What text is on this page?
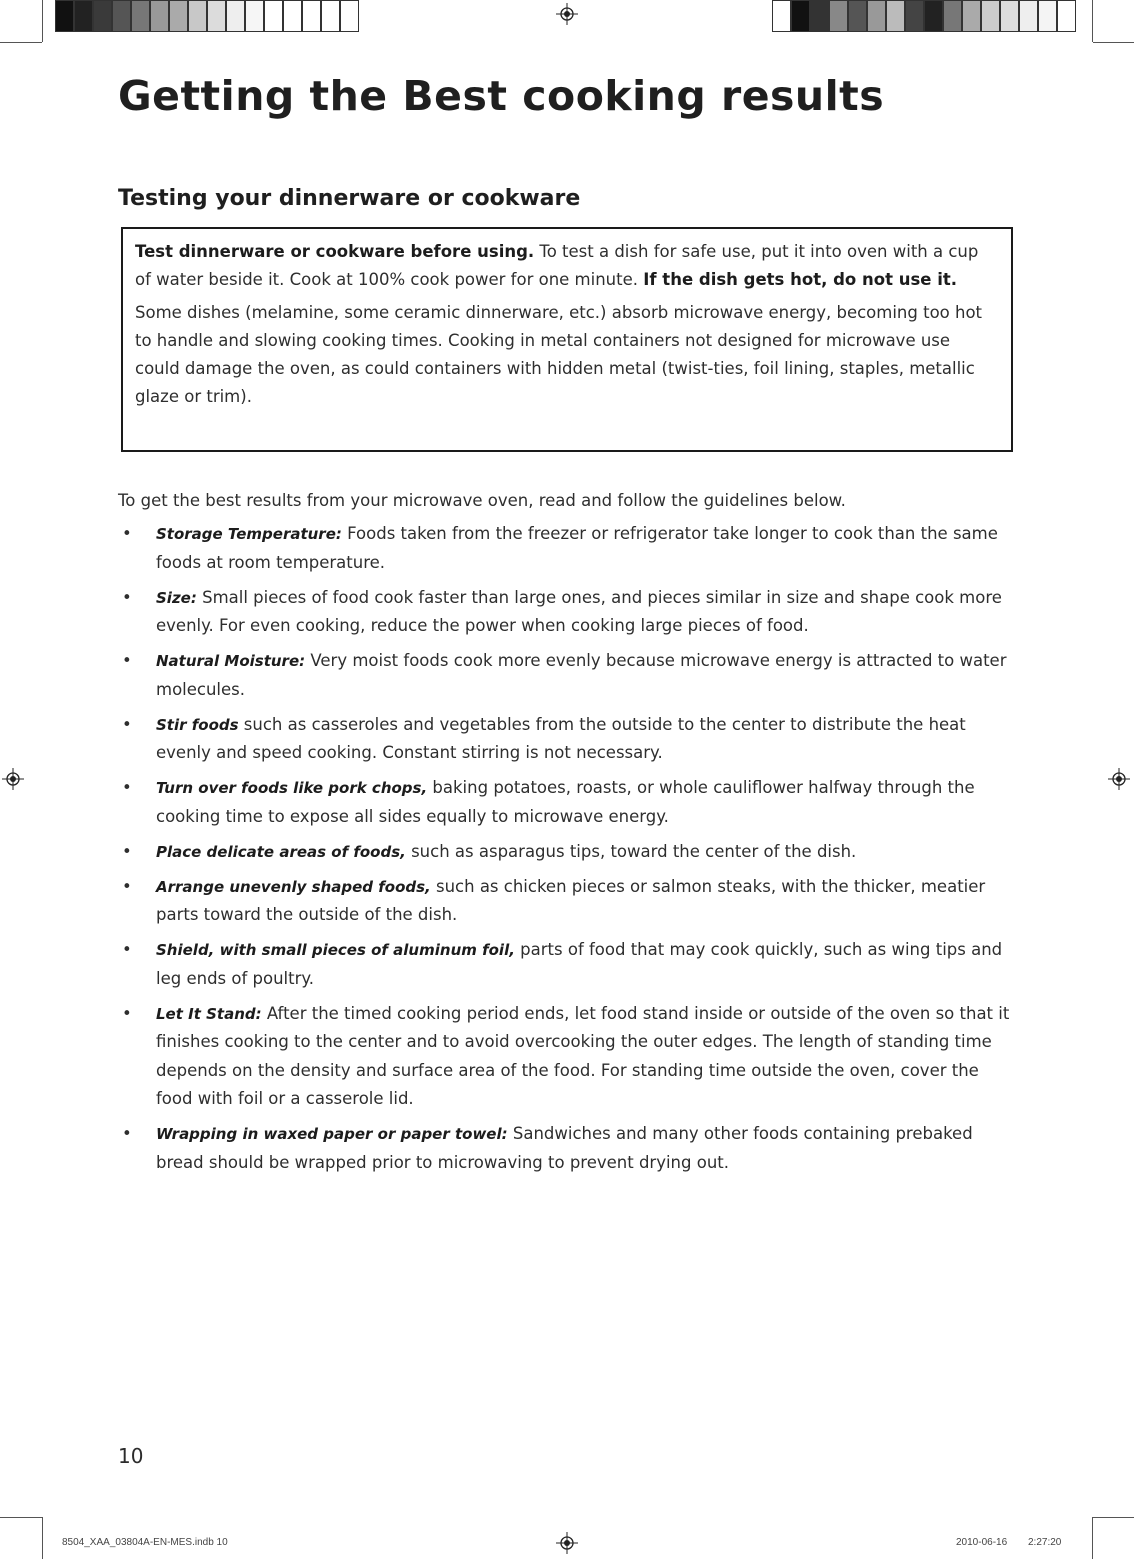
Getting the Best cooking results
Testing your dinnerware or cookware

Test dinnerware or cookware before using. To test a dish for safe use, put it into oven with a cup of water beside it. Cook at 100% cook power for one minute. If the dish gets hot, do not use it.

Some dishes (melamine, some ceramic dinnerware, etc.) absorb microwave energy, becoming too hot to handle and slowing cooking times. Cooking in metal containers not designed for microwave use could damage the oven, as could containers with hidden metal (twist-ties, foil lining, staples, metallic glaze or trim).

To get the best results from your microwave oven, read and follow the guidelines below.

• Storage Temperature: Foods taken from the freezer or refrigerator take longer to cook than the same foods at room temperature.
• Size: Small pieces of food cook faster than large ones, and pieces similar in size and shape cook more evenly. For even cooking, reduce the power when cooking large pieces of food.
• Natural Moisture: Very moist foods cook more evenly because microwave energy is attracted to water molecules.
• Stir foods such as casseroles and vegetables from the outside to the center to distribute the heat evenly and speed cooking. Constant stirring is not necessary.
• Turn over foods like pork chops, baking potatoes, roasts, or whole cauliflower halfway through the cooking time to expose all sides equally to microwave energy.
• Place delicate areas of foods, such as asparagus tips, toward the center of the dish.
• Arrange unevenly shaped foods, such as chicken pieces or salmon steaks, with the thicker, meatier parts toward the outside of the dish.
• Shield, with small pieces of aluminum foil, parts of food that may cook quickly, such as wing tips and leg ends of poultry.
• Let It Stand: After the timed cooking period ends, let food stand inside or outside of the oven so that it finishes cooking to the center and to avoid overcooking the outer edges. The length of standing time depends on the density and surface area of the food. For standing time outside the oven, cover the food with foil or a casserole lid.
• Wrapping in waxed paper or paper towel: Sandwiches and many other foods containing prebaked bread should be wrapped prior to microwaving to prevent drying out.
10
8504_XAA_03804A-EN-MES.indb 10	2010-06-16 2:27:20
